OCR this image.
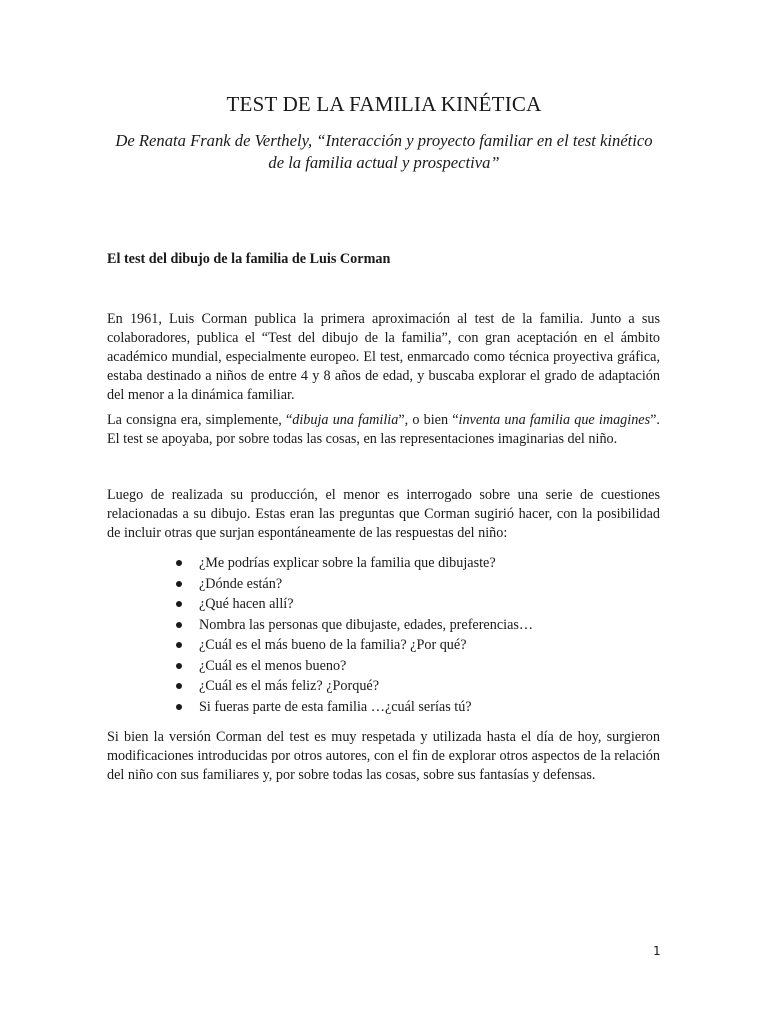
TEST DE LA FAMILIA KINÉTICA
De Renata Frank de Verthely, “Interacción y proyecto familiar en el test kinético de la familia actual y prospectiva”
El test del dibujo de la familia de Luis Corman

En 1961, Luis Corman publica la primera aproximación al test de la familia. Junto a sus colaboradores, publica el “Test del dibujo de la familia”, con gran aceptación en el ámbito académico mundial, especialmente europeo. El test, enmarcado como técnica proyectiva gráfica, estaba destinado a niños de entre 4 y 8 años de edad, y buscaba explorar el grado de adaptación del menor a la dinámica familiar.

La consigna era, simplemente, “dibuja una familia”, o bien “inventa una familia que imagines”. El test se apoyaba, por sobre todas las cosas, en las representaciones imaginarias del niño.

Luego de realizada su producción, el menor es interrogado sobre una serie de cuestiones relacionadas a su dibujo. Estas eran las preguntas que Corman sugirió hacer, con la posibilidad de incluir otras que surjan espontáneamente de las respuestas del niño:

¿Me podrías explicar sobre la familia que dibujaste?
¿Dónde están?
¿Qué hacen allí?
Nombra las personas que dibujaste, edades, preferencias…
¿Cuál es el más bueno de la familia? ¿Por qué?
¿Cuál es el menos bueno?
¿Cuál es el más feliz? ¿Porqué?
Si fueras parte de esta familia …¿cuál serías tú?

Si bien la versión Corman del test es muy respetada y utilizada hasta el día de hoy, surgieron modificaciones introducidas por otros autores, con el fin de explorar otros aspectos de la relación del niño con sus familiares y, por sobre todas las cosas, sobre sus fantasías y defensas.

1
